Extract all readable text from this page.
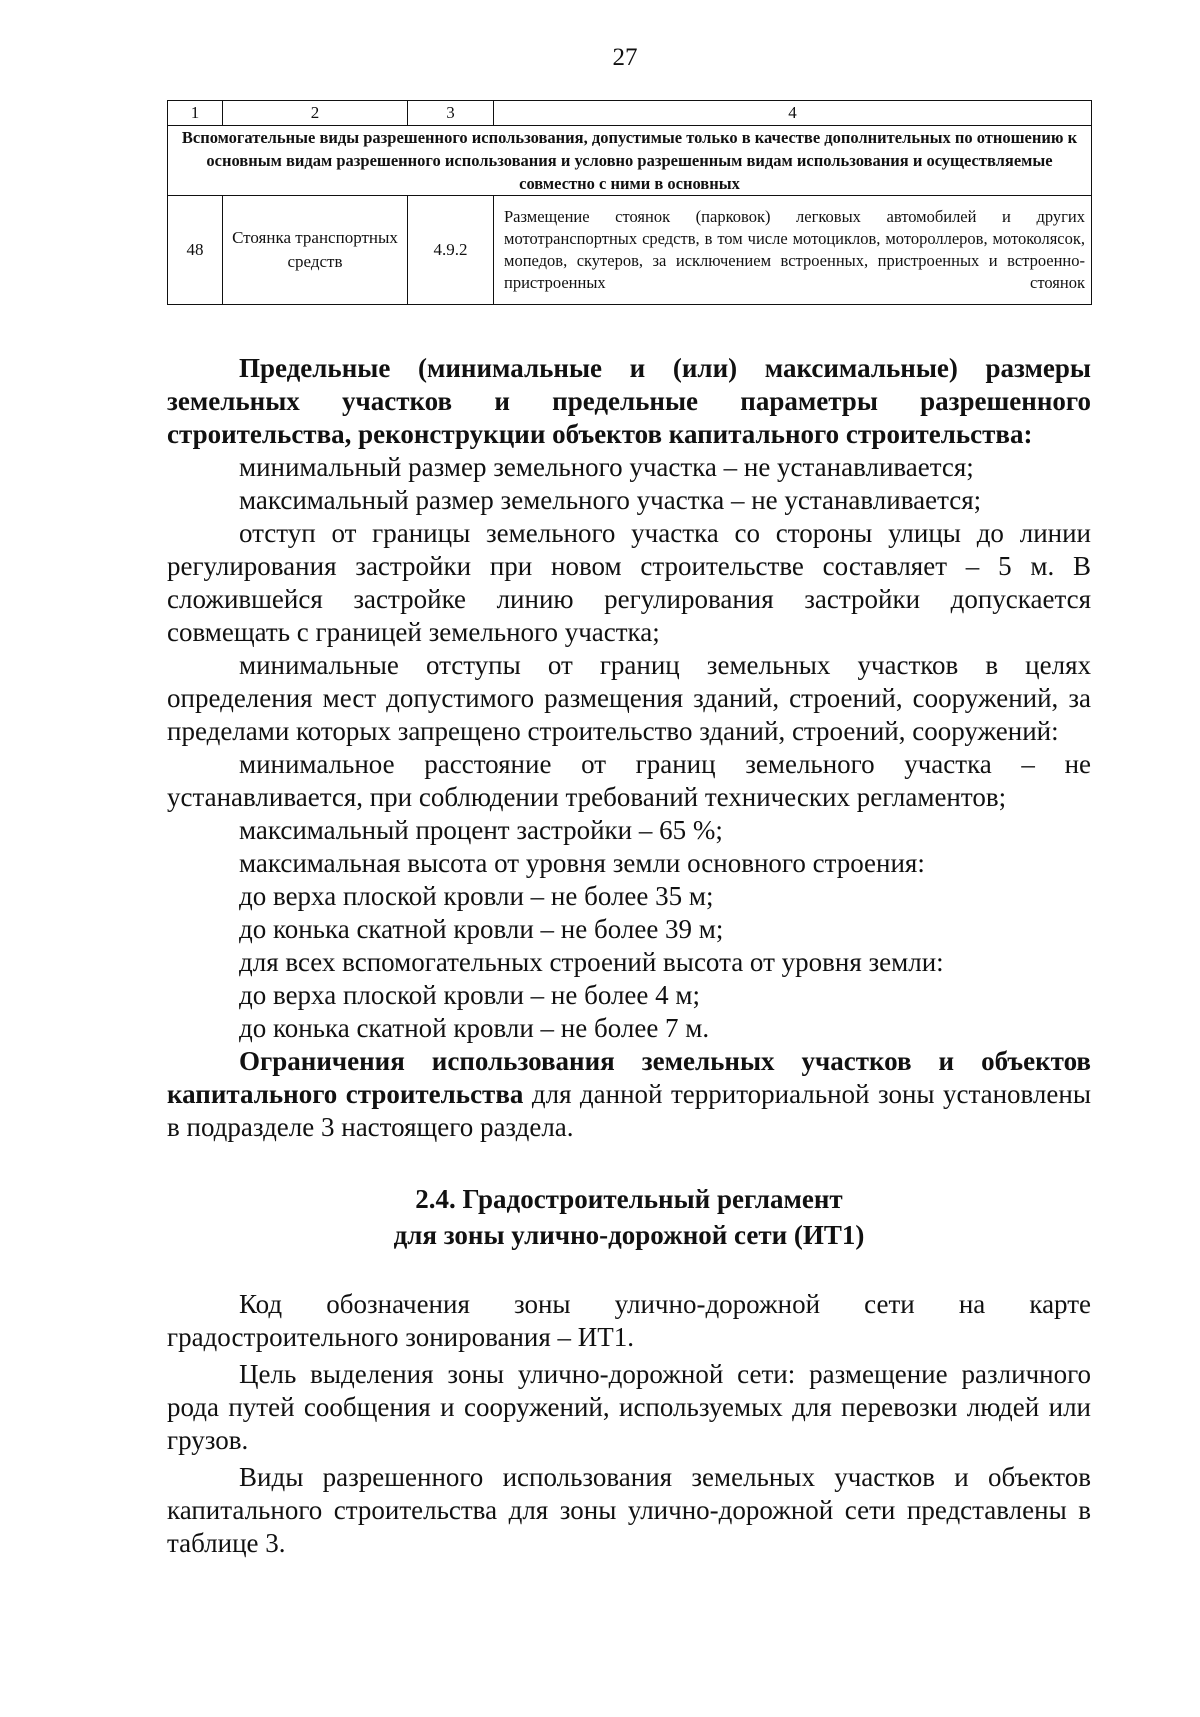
27
1	2	3	4
Вспомогательные виды разрешенного использования, допустимые только в качестве дополнительных по отношению к основным видам разрешенного использования и условно разрешенным видам использования и осуществляемые совместно с ними в основных			
48	Стоянка транспортных средств	4.9.2	Размещение стоянок (парковок) легковых автомобилей и других мототранспортных средств, в том числе мотоциклов, мотороллеров, мотоколясок, мопедов, скутеров, за исключением встроенных, пристроенных и встроенно-пристроенных стоянок

Предельные (минимальные и (или) максимальные) размеры земельных участков и предельные параметры разрешенного строительства, реконструкции объектов капитального строительства:

минимальный размер земельного участка – не устанавливается;

максимальный размер земельного участка – не устанавливается;

отступ от границы земельного участка со стороны улицы до линии регулирования застройки при новом строительстве составляет – 5 м. В сложившейся застройке линию регулирования застройки допускается совмещать с границей земельного участка;

минимальные отступы от границ земельных участков в целях определения мест допустимого размещения зданий, строений, сооружений, за пределами которых запрещено строительство зданий, строений, сооружений:

минимальное расстояние от границ земельного участка – не устанавливается, при соблюдении требований технических регламентов;

максимальный процент застройки – 65 %;

максимальная высота от уровня земли основного строения:

до верха плоской кровли – не более 35 м;

до конька скатной кровли – не более 39 м;

для всех вспомогательных строений высота от уровня земли:

до верха плоской кровли – не более 4 м;

до конька скатной кровли – не более 7 м.

Ограничения использования земельных участков и объектов капитального строительства для данной территориальной зоны установлены в подразделе 3 настоящего раздела.

2.4. Градостроительный регламент

для зоны улично-дорожной сети (ИТ1)

Код обозначения зоны улично-дорожной сети на карте градостроительного зонирования – ИТ1.

Цель выделения зоны улично-дорожной сети: размещение различного рода путей сообщения и сооружений, используемых для перевозки людей или грузов.

Виды разрешенного использования земельных участков и объектов капитального строительства для зоны улично-дорожной сети представлены в таблице 3.
